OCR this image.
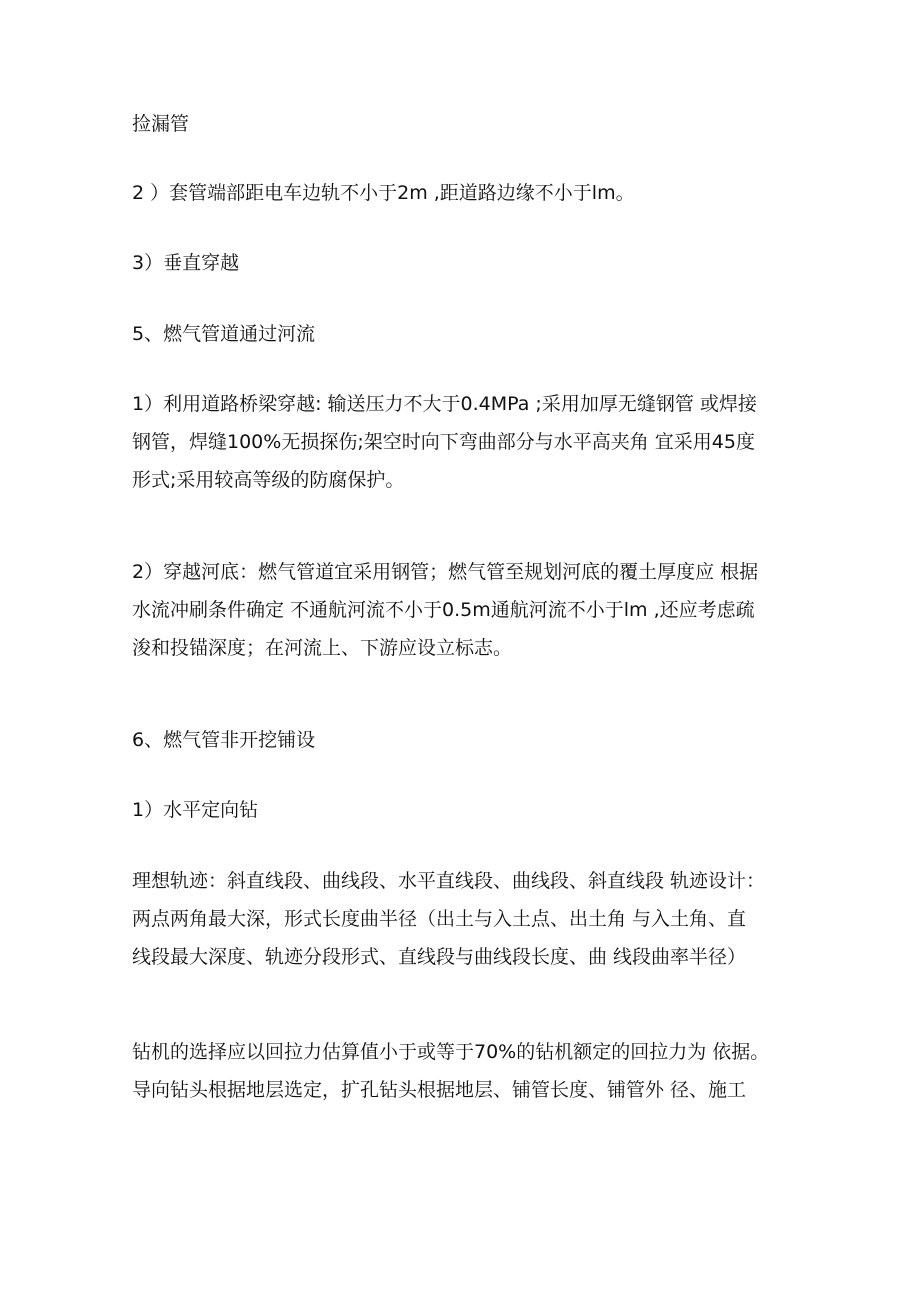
捡漏管
2 ）套管端部距电车边轨不小于2m ,距道路边缘不小于lm。
3）垂直穿越
5、燃气管道通过河流
1）利用道路桥梁穿越: 输送压力不大于0.4MPa ;采用加厚无缝钢管 或焊接
钢管，焊缝100%无损探伤;架空时向下弯曲部分与水平高夹角 宜采用45度
形式;采用较高等级的防腐保护。
2）穿越河底：燃气管道宜采用钢管；燃气管至规划河底的覆土厚度应 根据
水流冲刷条件确定 不通航河流不小于0.5m通航河流不小于lm ,还应考虑疏
浚和投锚深度；在河流上、下游应设立标志。
6、燃气管非开挖铺设
1）水平定向钻
理想轨迹：斜直线段、曲线段、水平直线段、曲线段、斜直线段 轨迹设计：
两点两角最大深，形式长度曲半径（出土与入土点、出土角 与入土角、直
线段最大深度、轨迹分段形式、直线段与曲线段长度、曲 线段曲率半径）
钻机的选择应以回拉力估算值小于或等于70%的钻机额定的回拉力为 依据。
导向钻头根据地层选定，扩孔钻头根据地层、铺管长度、铺管外 径、施工
